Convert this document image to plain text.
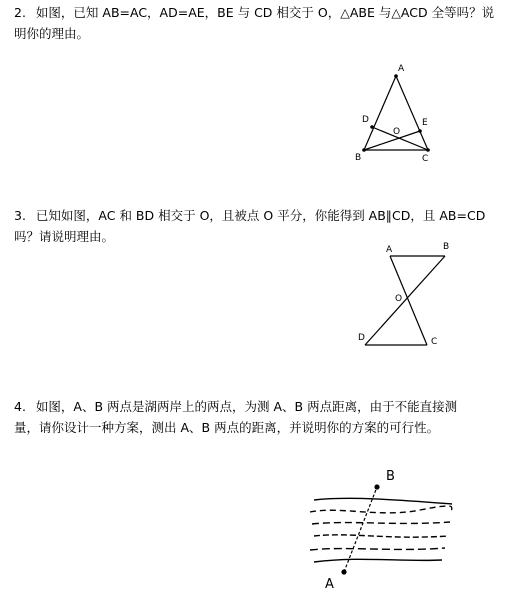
2. 如图，已知 AB=AC，AD=AE，BE 与 CD 相交于 O，△ABE 与△ACD 全等吗？说
明你的理由。

A
B	C
D	E
O

3. 已知如图，AC 和 BD 相交于 O，且被点 O 平分，你能得到 AB∥CD，且 AB=CD
吗？请说明理由。

A	B
C
D
O

4. 如图，A、B 两点是湖两岸上的两点，为测 A、B 两点距离，由于不能直接测
量，请你设计一种方案，测出 A、B 两点的距离，并说明你的方案的可行性。

B
A
